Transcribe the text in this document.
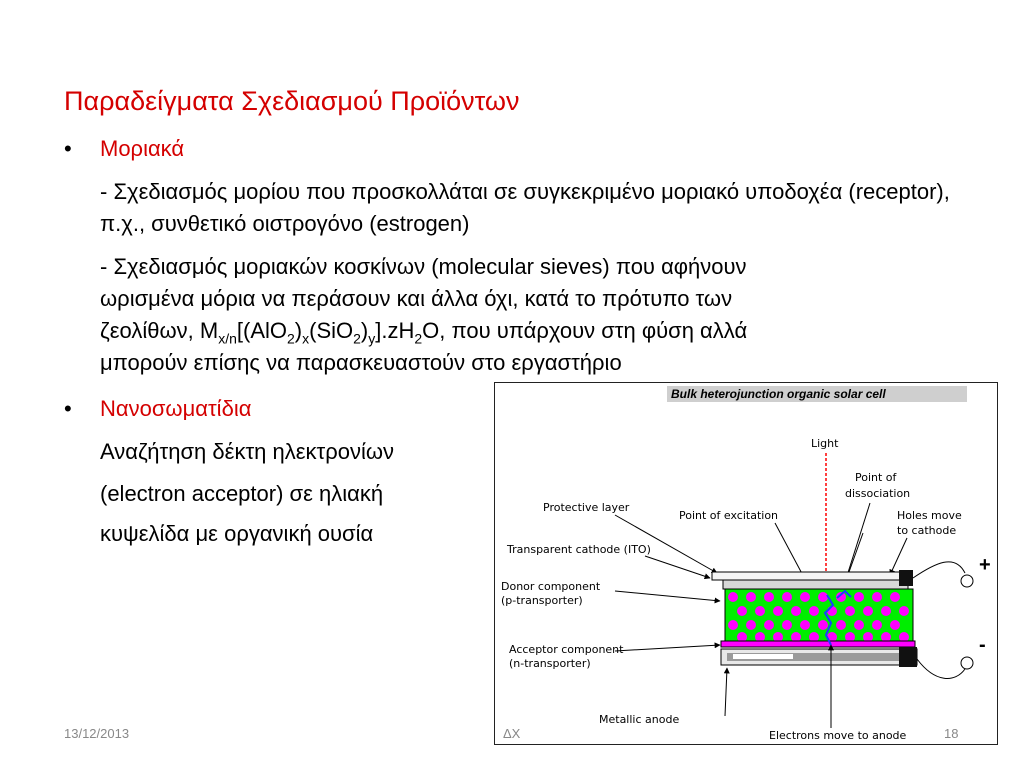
Παραδείγματα Σχεδιασμού Προϊόντων
• Μοριακά
- Σχεδιασμός μορίου που προσκολλάται σε συγκεκριμένο μοριακό υποδοχέα (receptor), π.χ., συνθετικό οιστρογόνο (estrogen)
- Σχεδιασμός μοριακών κοσκίνων (molecular sieves) που αφήνουν
ωρισμένα μόρια να περάσουν και άλλα όχι, κατά το πρότυπο των
ζεολίθων, $M_{x/n}[(AlO_2)_x(SiO_2)_y].zH_2O$, που υπάρχουν στη φύση αλλά
μπορούν επίσης να παρασκευαστούν στο εργαστήριο
• Νανοσωματίδια
Αναζήτηση δέκτη ηλεκτρονίων
(electron acceptor) σε ηλιακή
κυψελίδα με οργανική ουσία
Bulk heterojunction organic solar cell
Light
Point of dissociation
Protective layer
Point of excitation	Holes move to cathode
Transparent cathode (ITO)
Donor component (p-transporter)
Acceptor component (n-transporter)
+
-
Metallic anode
Electrons move to anode
13/12/2013	ΔΧ	18
